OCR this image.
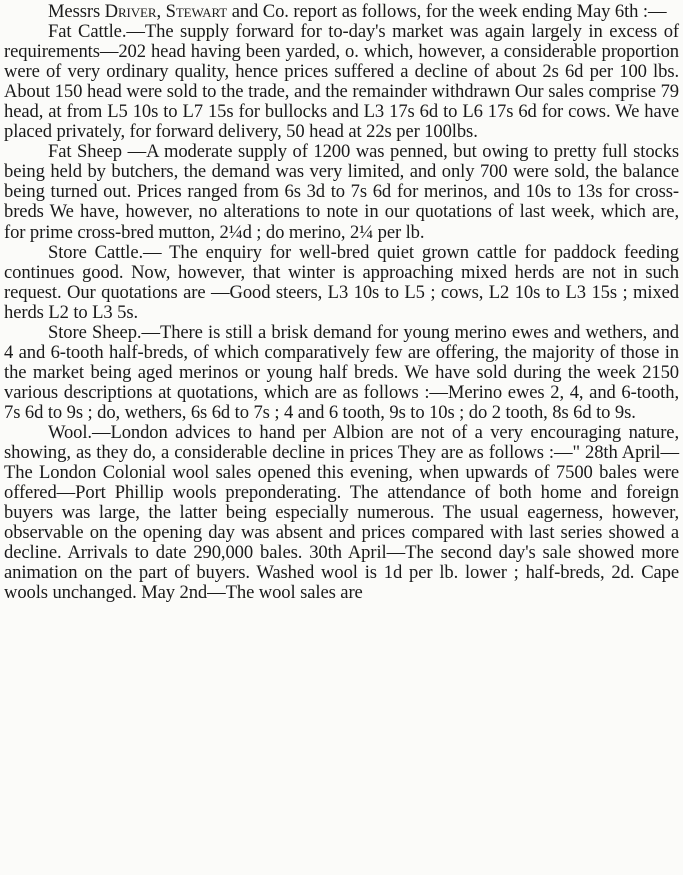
Messrs Driver, Stewart and Co. report as follows, for the week ending May 6th :—

Fat Cattle.—The supply forward for to-day's market was again largely in excess of requirements—202 head having been yarded, o. which, however, a considerable proportion were of very ordinary quality, hence prices suffered a decline of about 2s 6d per 100 lbs. About 150 head were sold to the trade, and the remainder withdrawn Our sales comprise 79 head, at from L5 10s to L7 15s for bullocks and L3 17s 6d to L6 17s 6d for cows. We have placed privately, for forward delivery, 50 head at 22s per 100lbs.

Fat Sheep —A moderate supply of 1200 was penned, but owing to pretty full stocks being held by butchers, the demand was very limited, and only 700 were sold, the balance being turned out. Prices ranged from 6s 3d to 7s 6d for merinos, and 10s to 13s for cross-breds We have, however, no alterations to note in our quotations of last week, which are, for prime cross-bred mutton, 2¼d ; do merino, 2¼ per lb.

Store Cattle.— The enquiry for well-bred quiet grown cattle for paddock feeding continues good. Now, however, that winter is approaching mixed herds are not in such request. Our quotations are —Good steers, L3 10s to L5 ; cows, L2 10s to L3 15s ; mixed herds L2 to L3 5s.

Store Sheep.—There is still a brisk demand for young merino ewes and wethers, and 4 and 6-tooth half-breds, of which comparatively few are offering, the majority of those in the market being aged merinos or young half breds. We have sold during the week 2150 various descriptions at quotations, which are as follows :—Merino ewes 2, 4, and 6-tooth, 7s 6d to 9s ; do, wethers, 6s 6d to 7s ; 4 and 6 tooth, 9s to 10s ; do 2 tooth, 8s 6d to 9s.

Wool.—London advices to hand per Albion are not of a very encouraging nature, showing, as they do, a considerable decline in prices They are as follows :—" 28th April—The London Colonial wool sales opened this evening, when upwards of 7500 bales were offered—Port Phillip wools preponderating. The attendance of both home and foreign buyers was large, the latter being especially numerous. The usual eagerness, however, observable on the opening day was absent and prices compared with last series showed a decline. Arrivals to date 290,000 bales. 30th April—The second day's sale showed more animation on the part of buyers. Washed wool is 1d per lb. lower ; half-breds, 2d. Cape wools unchanged. May 2nd—The wool sales are
